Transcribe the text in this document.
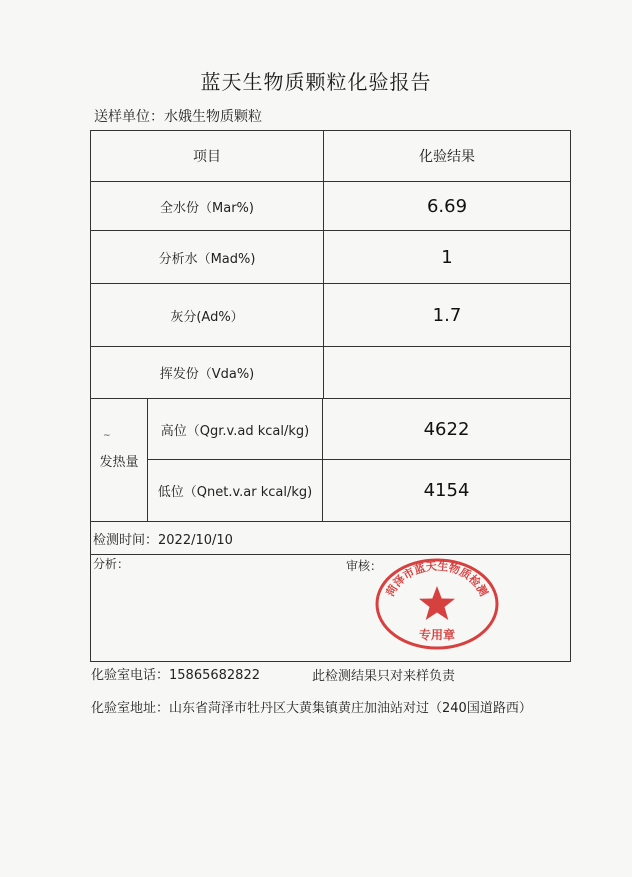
蓝天生物质颗粒化验报告
送样单位：水娥生物质颗粒
项目	化验结果
全水份（Mar%)	6.69
分析水（Mad%)	1
灰分(Ad%）	1.7
挥发份（Vda%)
~
发热量
高位（Qgr.v.ad kcal/kg)	4622
低位（Qnet.v.ar kcal/kg)	4154
检测时间：2022/10/10
分析：	审核：
菏泽市蓝天生物质检测
专用章
化验室电话：15865682822	此检测结果只对来样负责
化验室地址：山东省菏泽市牡丹区大黄集镇黄庄加油站对过（240国道路西）
